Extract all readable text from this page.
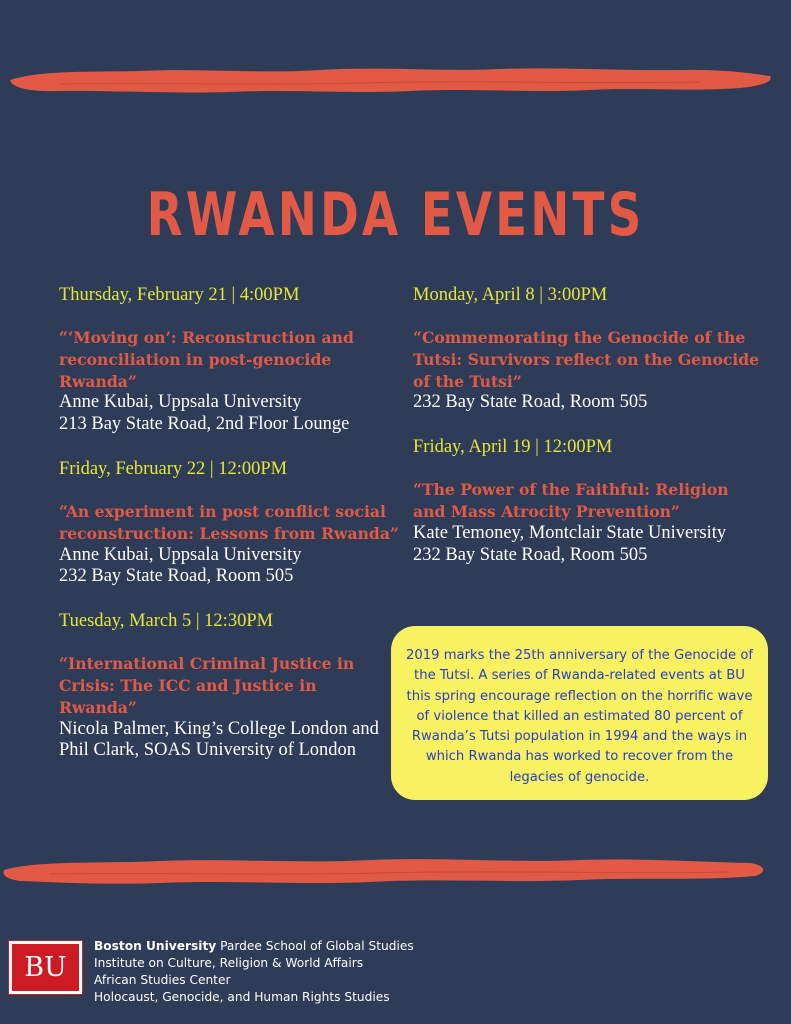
RWANDA EVENTS
Thursday, February 21 | 4:00PM
“‘Moving on’: Reconstruction and reconciliation in post-genocide Rwanda”
Anne Kubai, Uppsala University
213 Bay State Road, 2nd Floor Lounge
Friday, February 22 | 12:00PM
“An experiment in post conflict social reconstruction: Lessons from Rwanda”
Anne Kubai, Uppsala University
232 Bay State Road, Room 505
Tuesday, March 5 | 12:30PM
“International Criminal Justice in Crisis: The ICC and Justice in Rwanda”
Nicola Palmer, King’s College London and Phil Clark, SOAS University of London
Monday, April 8 | 3:00PM
“Commemorating the Genocide of the Tutsi: Survivors reflect on the Genocide of the Tutsi”
232 Bay State Road, Room 505
Friday, April 19 | 12:00PM
“The Power of the Faithful: Religion and Mass Atrocity Prevention”
Kate Temoney, Montclair State University
232 Bay State Road, Room 505
2019 marks the 25th anniversary of the Genocide of the Tutsi. A series of Rwanda-related events at BU this spring encourage reflection on the horrific wave of violence that killed an estimated 80 percent of Rwanda’s Tutsi population in 1994 and the ways in which Rwanda has worked to recover from the legacies of genocide.
BU
Boston University Pardee School of Global Studies
Institute on Culture, Religion & World Affairs
African Studies Center
Holocaust, Genocide, and Human Rights Studies
